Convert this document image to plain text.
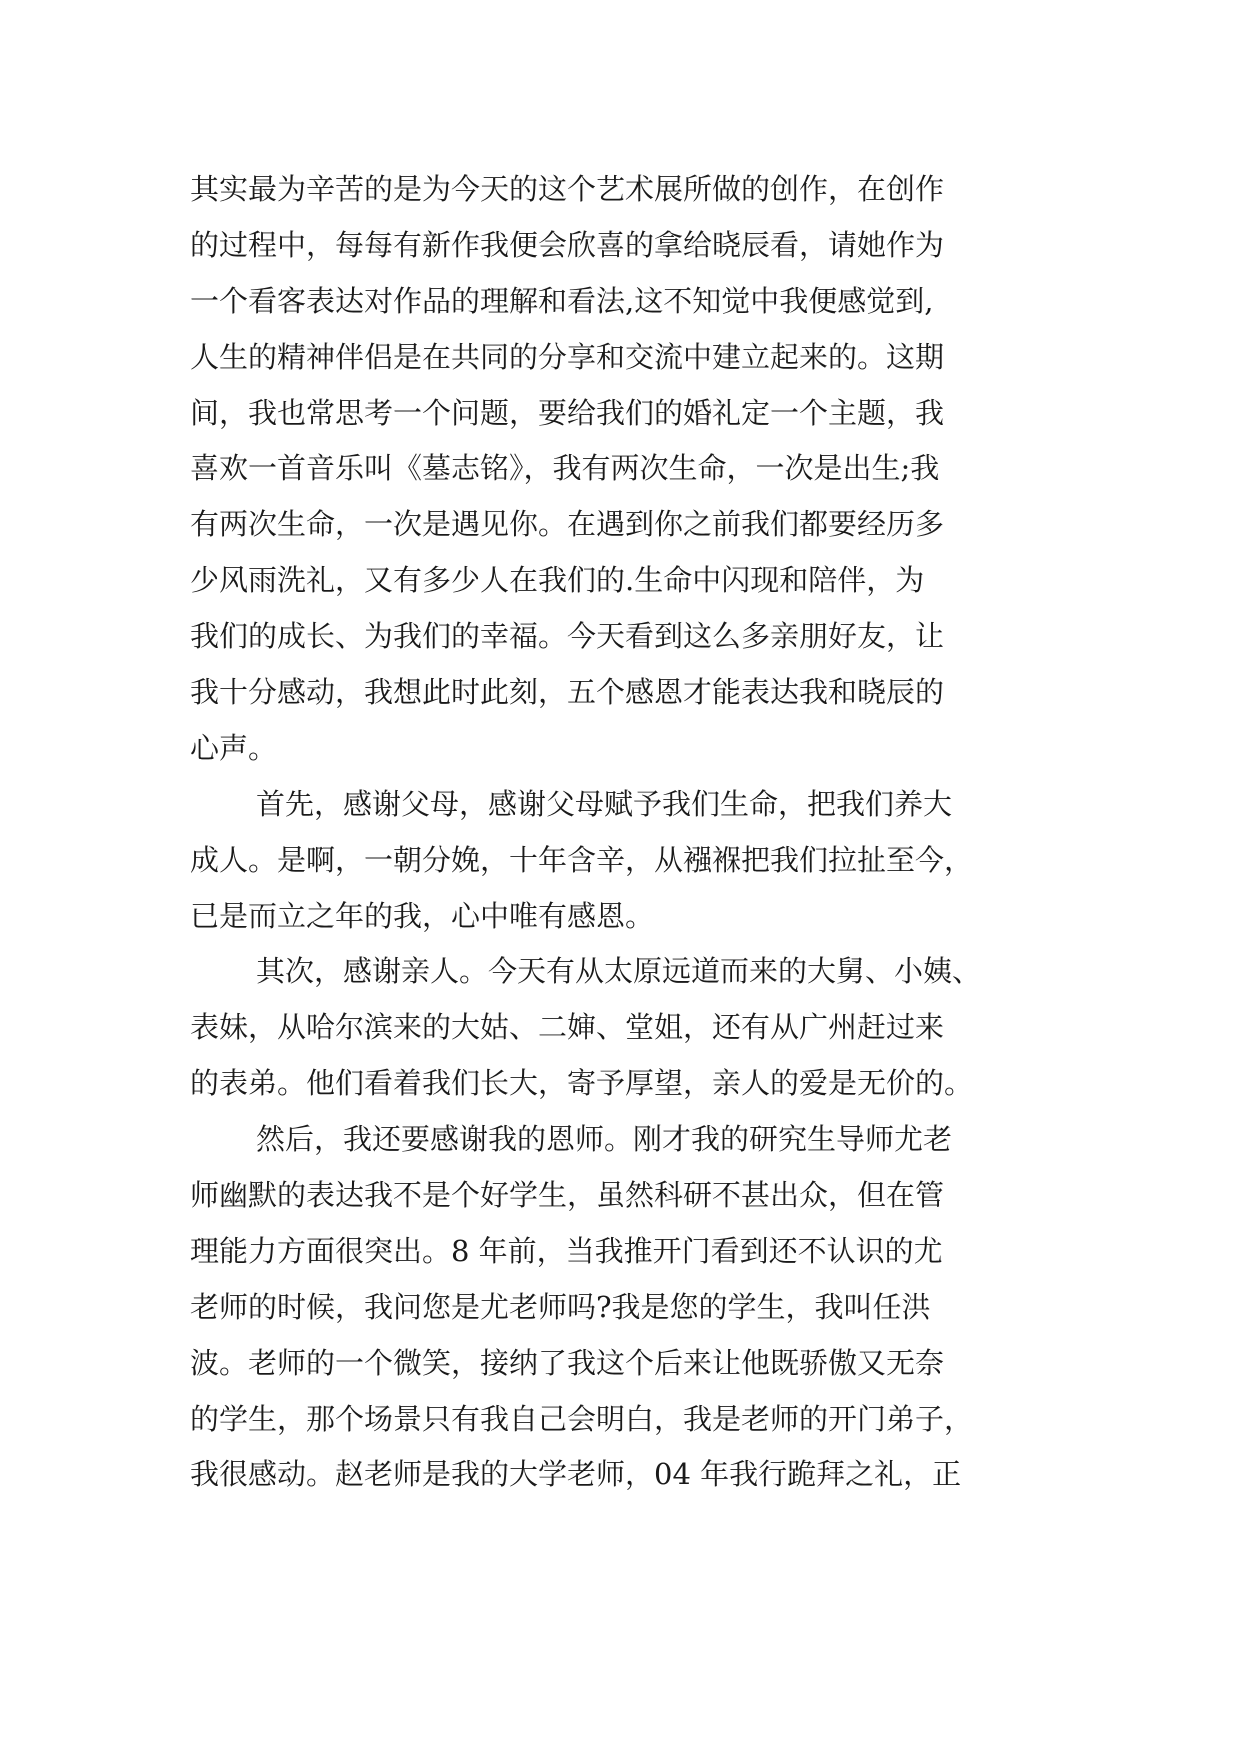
其实最为辛苦的是为今天的这个艺术展所做的创作，在创作
的过程中，每每有新作我便会欣喜的拿给晓辰看，请她作为
一个看客表达对作品的理解和看法,这不知觉中我便感觉到,
人生的精神伴侣是在共同的分享和交流中建立起来的。这期
间，我也常思考一个问题，要给我们的婚礼定一个主题，我
喜欢一首音乐叫《墓志铭》，我有两次生命，一次是出生;我
有两次生命，一次是遇见你。在遇到你之前我们都要经历多
少风雨洗礼，又有多少人在我们的.生命中闪现和陪伴，为
我们的成长、为我们的幸福。今天看到这么多亲朋好友，让
我十分感动，我想此时此刻，五个感恩才能表达我和晓辰的
心声。
首先，感谢父母，感谢父母赋予我们生命，把我们养大
成人。是啊，一朝分娩，十年含辛，从襁褓把我们拉扯至今，
已是而立之年的我，心中唯有感恩。
其次，感谢亲人。今天有从太原远道而来的大舅、小姨、
表妹，从哈尔滨来的大姑、二婶、堂姐，还有从广州赶过来
的表弟。他们看着我们长大，寄予厚望，亲人的爱是无价的。
然后，我还要感谢我的恩师。刚才我的研究生导师尤老
师幽默的表达我不是个好学生，虽然科研不甚出众，但在管
理能力方面很突出。8 年前，当我推开门看到还不认识的尤
老师的时候，我问您是尤老师吗?我是您的学生，我叫任洪
波。老师的一个微笑，接纳了我这个后来让他既骄傲又无奈
的学生，那个场景只有我自己会明白，我是老师的开门弟子，
我很感动。赵老师是我的大学老师，04 年我行跪拜之礼，正
